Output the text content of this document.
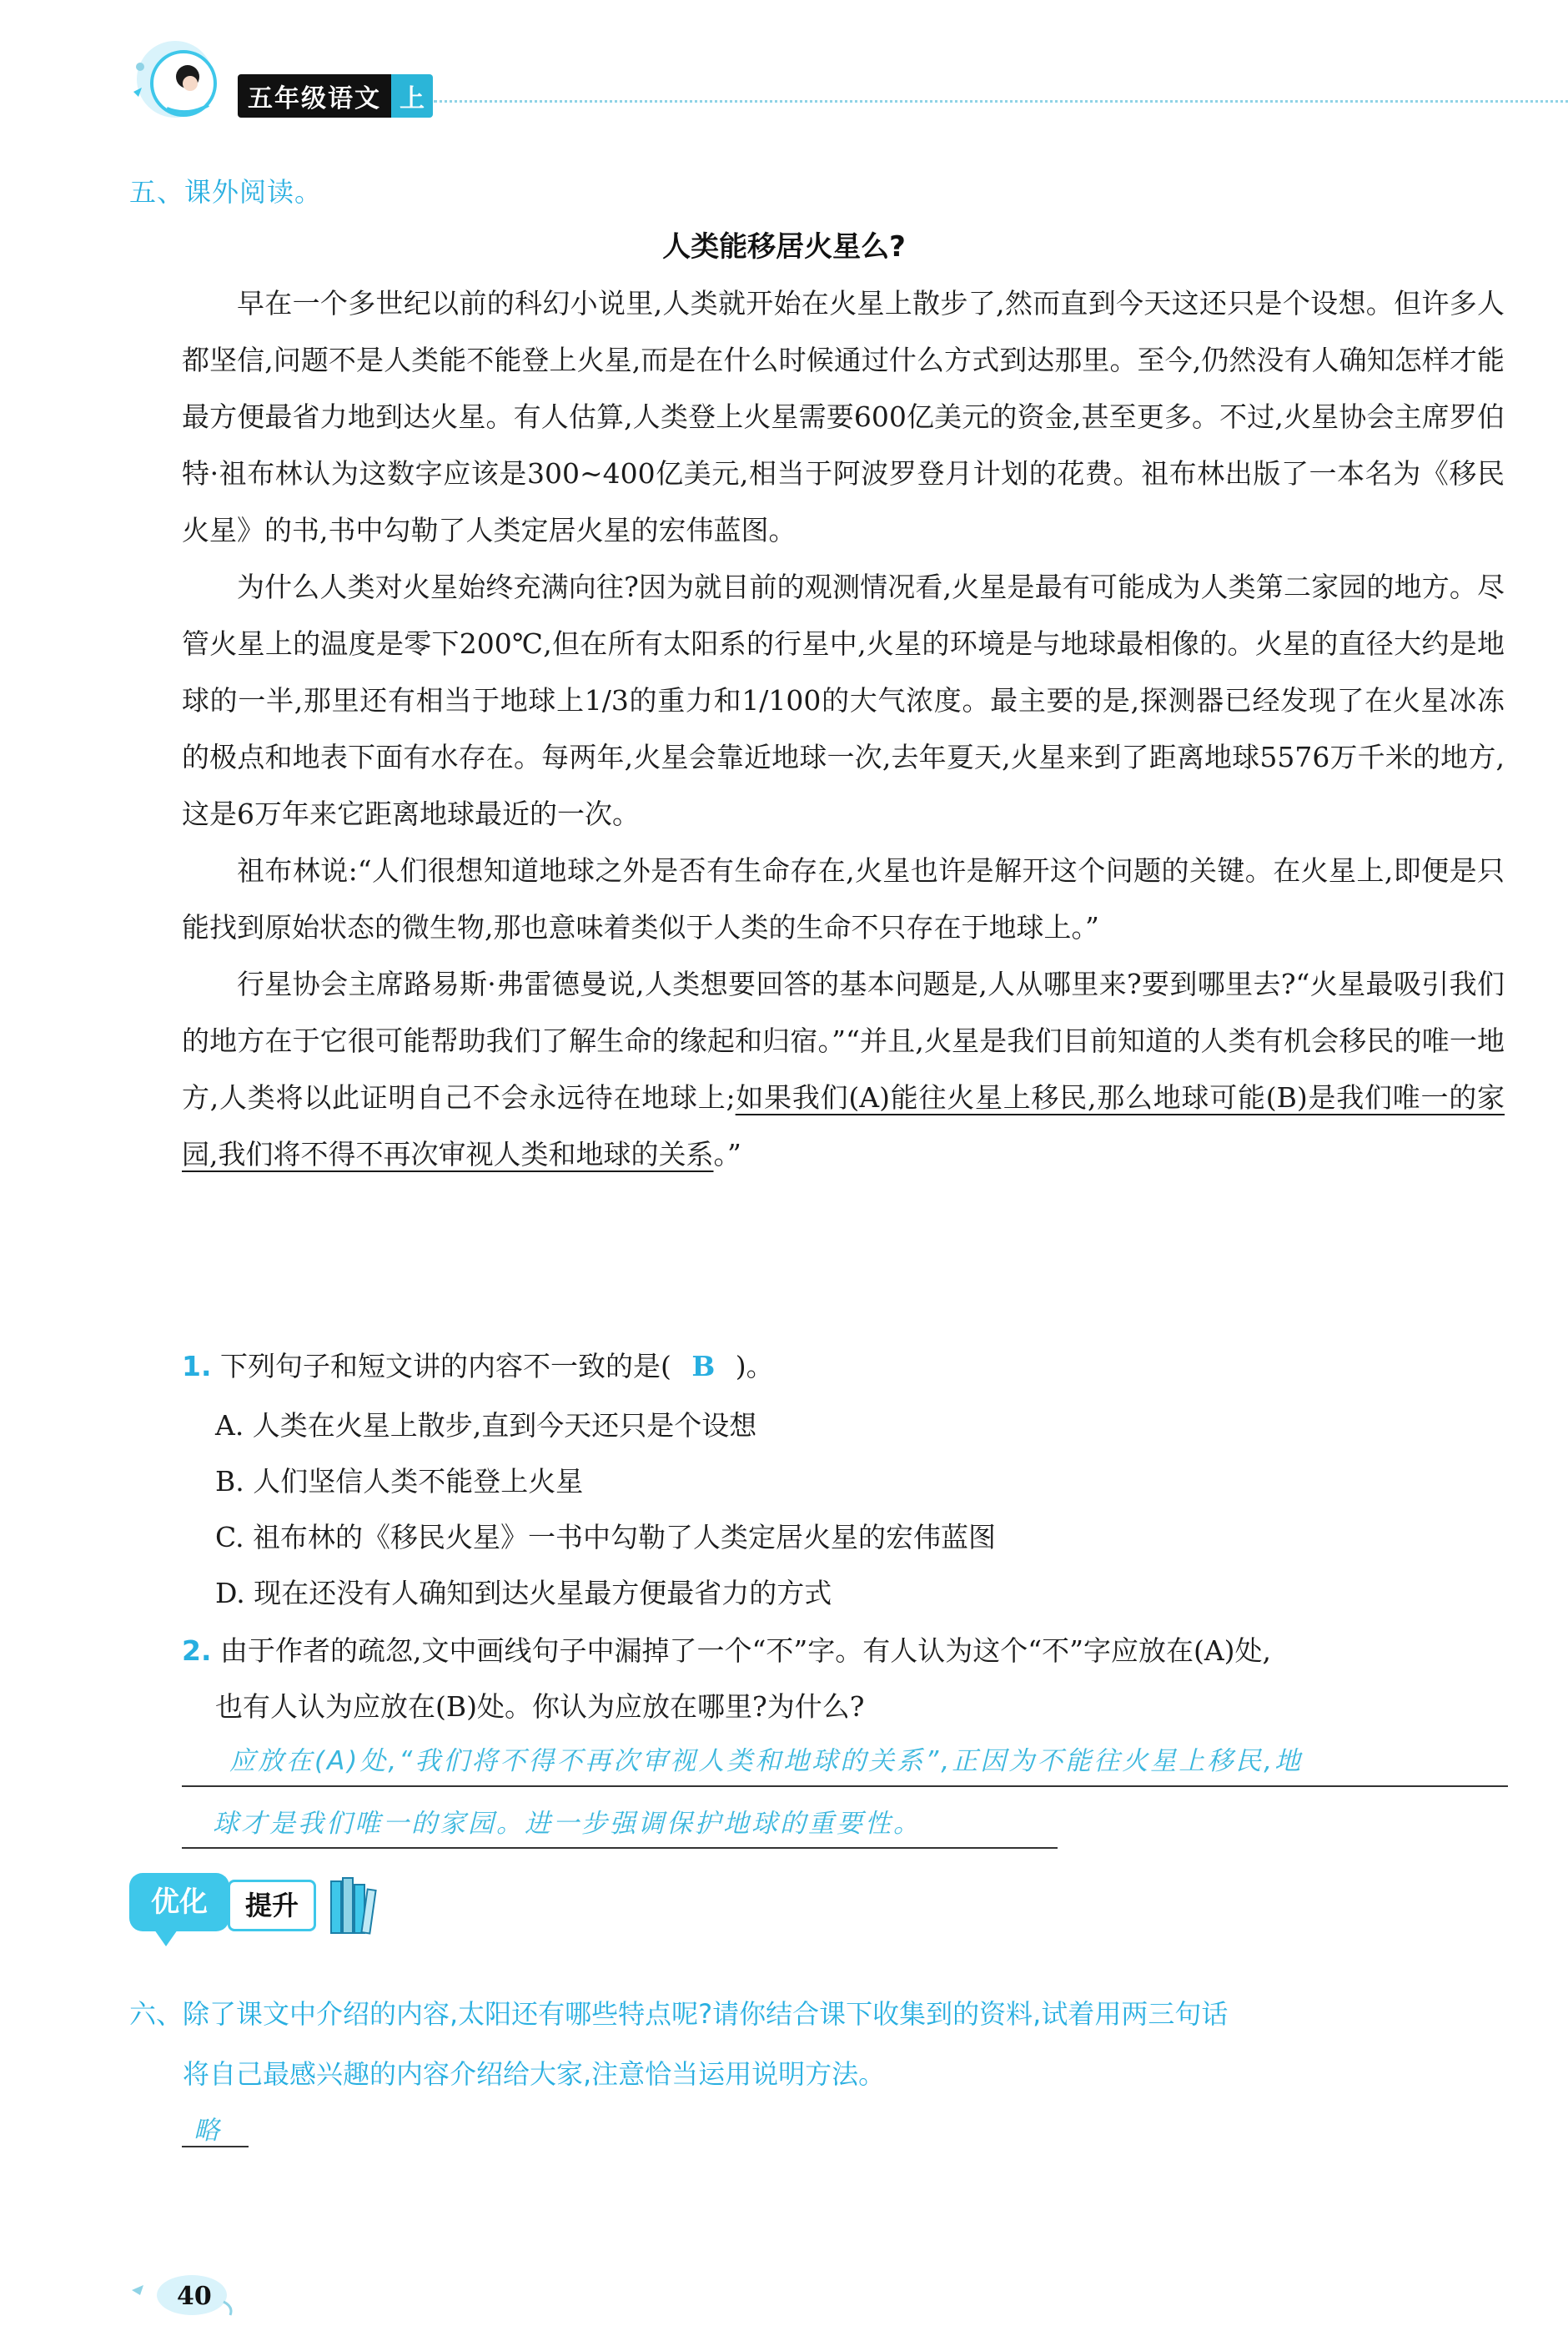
五年级语文 上
五、课外阅读。
人类能移居火星么?

早在一个多世纪以前的科幻小说里,人类就开始在火星上散步了,然而直到今天这还只是个设想。但许多人都坚信,问题不是人类能不能登上火星,而是在什么时候通过什么方式到达那里。至今,仍然没有人确知怎样才能最方便最省力地到达火星。有人估算,人类登上火星需要600亿美元的资金,甚至更多。不过,火星协会主席罗伯特·祖布林认为这数字应该是300~400亿美元,相当于阿波罗登月计划的花费。祖布林出版了一本名为《移民火星》的书,书中勾勒了人类定居火星的宏伟蓝图。

为什么人类对火星始终充满向往?因为就目前的观测情况看,火星是最有可能成为人类第二家园的地方。尽管火星上的温度是零下200℃,但在所有太阳系的行星中,火星的环境是与地球最相像的。火星的直径大约是地球的一半,那里还有相当于地球上1/3的重力和1/100的大气浓度。最主要的是,探测器已经发现了在火星冰冻的极点和地表下面有水存在。每两年,火星会靠近地球一次,去年夏天,火星来到了距离地球5576万千米的地方,这是6万年来它距离地球最近的一次。

祖布林说:“人们很想知道地球之外是否有生命存在,火星也许是解开这个问题的关键。在火星上,即便是只能找到原始状态的微生物,那也意味着类似于人类的生命不只存在于地球上。”

行星协会主席路易斯·弗雷德曼说,人类想要回答的基本问题是,人从哪里来?要到哪里去?“火星最吸引我们的地方在于它很可能帮助我们了解生命的缘起和归宿。”“并且,火星是我们目前知道的人类有机会移民的唯一地方,人类将以此证明自己不会永远待在地球上;如果我们(A)能往火星上移民,那么地球可能(B)是我们唯一的家园,我们将不得不再次审视人类和地球的关系。”

1. 下列句子和短文讲的内容不一致的是( B )。
A. 人类在火星上散步,直到今天还只是个设想
B. 人们坚信人类不能登上火星
C. 祖布林的《移民火星》一书中勾勒了人类定居火星的宏伟蓝图
D. 现在还没有人确知到达火星最方便最省力的方式
2. 由于作者的疏忽,文中画线句子中漏掉了一个“不”字。有人认为这个“不”字应放在(A)处,
也有人认为应放在(B)处。你认为应放在哪里?为什么?
应放在(A)处,“我们将不得不再次审视人类和地球的关系”,正因为不能往火星上移民,地
球才是我们唯一的家园。进一步强调保护地球的重要性。
优化	提升
六、除了课文中介绍的内容,太阳还有哪些特点呢?请你结合课下收集到的资料,试着用两三句话
将自己最感兴趣的内容介绍给大家,注意恰当运用说明方法。
略
40
